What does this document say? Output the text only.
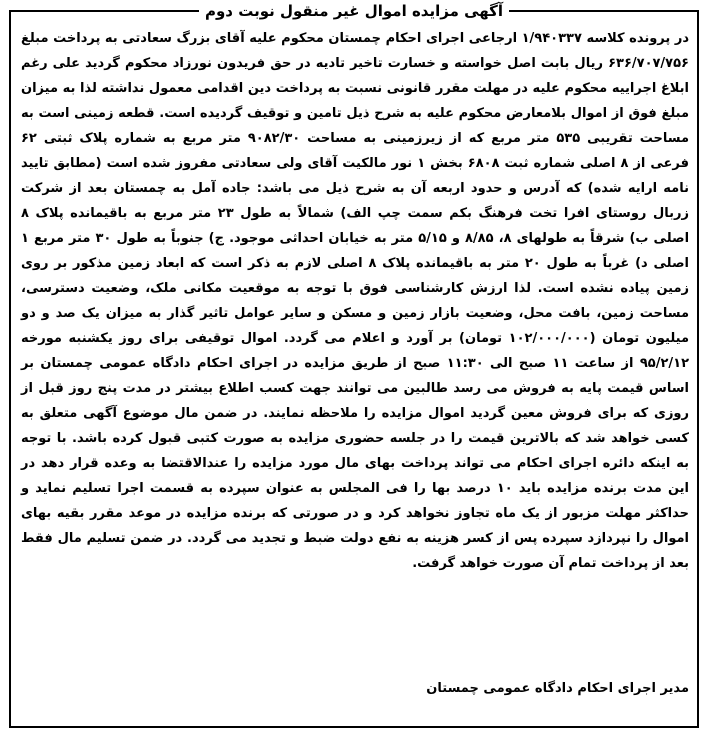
آگهی مزایده اموال غیر منقول نوبت دوم
در پرونده کلاسه ۱/۹۴۰۳۳۷ ارجاعی اجرای احکام چمستان محکوم علیه آقای بزرگ سعادتی به پرداخت مبلغ ۶۳۶/۷۰۷/۷۵۶ ریال بابت اصل خواسته و خسارت تاخیر تادیه در حق فریدون نورزاد محکوم گردید علی رغم ابلاغ اجراییه محکوم علیه در مهلت مقرر قانونی نسبت به پرداخت دین اقدامی معمول نداشته لذا به میزان مبلغ فوق از اموال بلامعارض محکوم علیه به شرح ذیل تامین و توقیف گردیده است. قطعه زمینی است به مساحت تقریبی ۵۳۵ متر مربع که از زیرزمینی به مساحت ۹۰۸۲/۳۰ متر مربع به شماره پلاک ثبتی ۶۲ فرعی از ۸ اصلی شماره ثبت ۶۸۰۸ بخش ۱ نور مالکیت آقای ولی سعادتی مفروز شده است (مطابق تایید نامه ارایه شده) که آدرس و حدود اربعه آن به شرح ذیل می باشد: جاده آمل به چمستان بعد از شرکت زربال روستای افرا تخت فرهنگ بکم سمت چپ الف) شمالاً به طول ۲۳ متر مربع به باقیمانده پلاک ۸ اصلی ب) شرقاً به طولهای ۸، ۸/۸۵ و ۵/۱۵ متر به خیابان احداثی موجود. ج) جنوباً به طول ۳۰ متر مربع ۱ اصلی د) غرباً به طول ۲۰ متر به باقیمانده پلاک ۸ اصلی لازم به ذکر است که ابعاد زمین مذکور بر روی زمین پیاده نشده است. لذا ارزش کارشناسی فوق با توجه به موقعیت مکانی ملک، وضعیت دسترسی، مساحت زمین، بافت محل، وضعیت بازار زمین و مسکن و سایر عوامل تاثیر گذار به میزان یک صد و دو میلیون تومان (۱۰۲/۰۰۰/۰۰۰ تومان) بر آورد و اعلام می گردد. اموال توقیفی برای روز یکشنبه مورخه ۹۵/۲/۱۲ از ساعت ۱۱ صبح الی ۱۱:۳۰ صبح از طریق مزایده در اجرای احکام دادگاه عمومی چمستان بر اساس قیمت پایه به فروش می رسد طالبین می توانند جهت کسب اطلاع بیشتر در مدت پنج روز قبل از روزی که برای فروش معین گردید اموال مزایده را ملاحظه نمایند. در ضمن مال موضوع آگهی متعلق به کسی خواهد شد که بالاترین قیمت را در جلسه حضوری مزایده به صورت کتبی قبول کرده باشد. با توجه به اینکه دائره اجرای احکام می تواند پرداخت بهای مال مورد مزایده را عندالاقتضا به وعده قرار دهد در این مدت برنده مزایده باید ۱۰ درصد بها را فی المجلس به عنوان سپرده به قسمت اجرا تسلیم نماید و حداکثر مهلت مزبور از یک ماه تجاوز نخواهد کرد و در صورتی که برنده مزایده در موعد مقرر بقیه بهای اموال را نپردازد سپرده پس از کسر هزینه به نفع دولت ضبط و تجدید می گردد. در ضمن تسلیم مال فقط بعد از پرداخت تمام آن صورت خواهد گرفت.
مدیر اجرای احکام دادگاه عمومی چمستان
